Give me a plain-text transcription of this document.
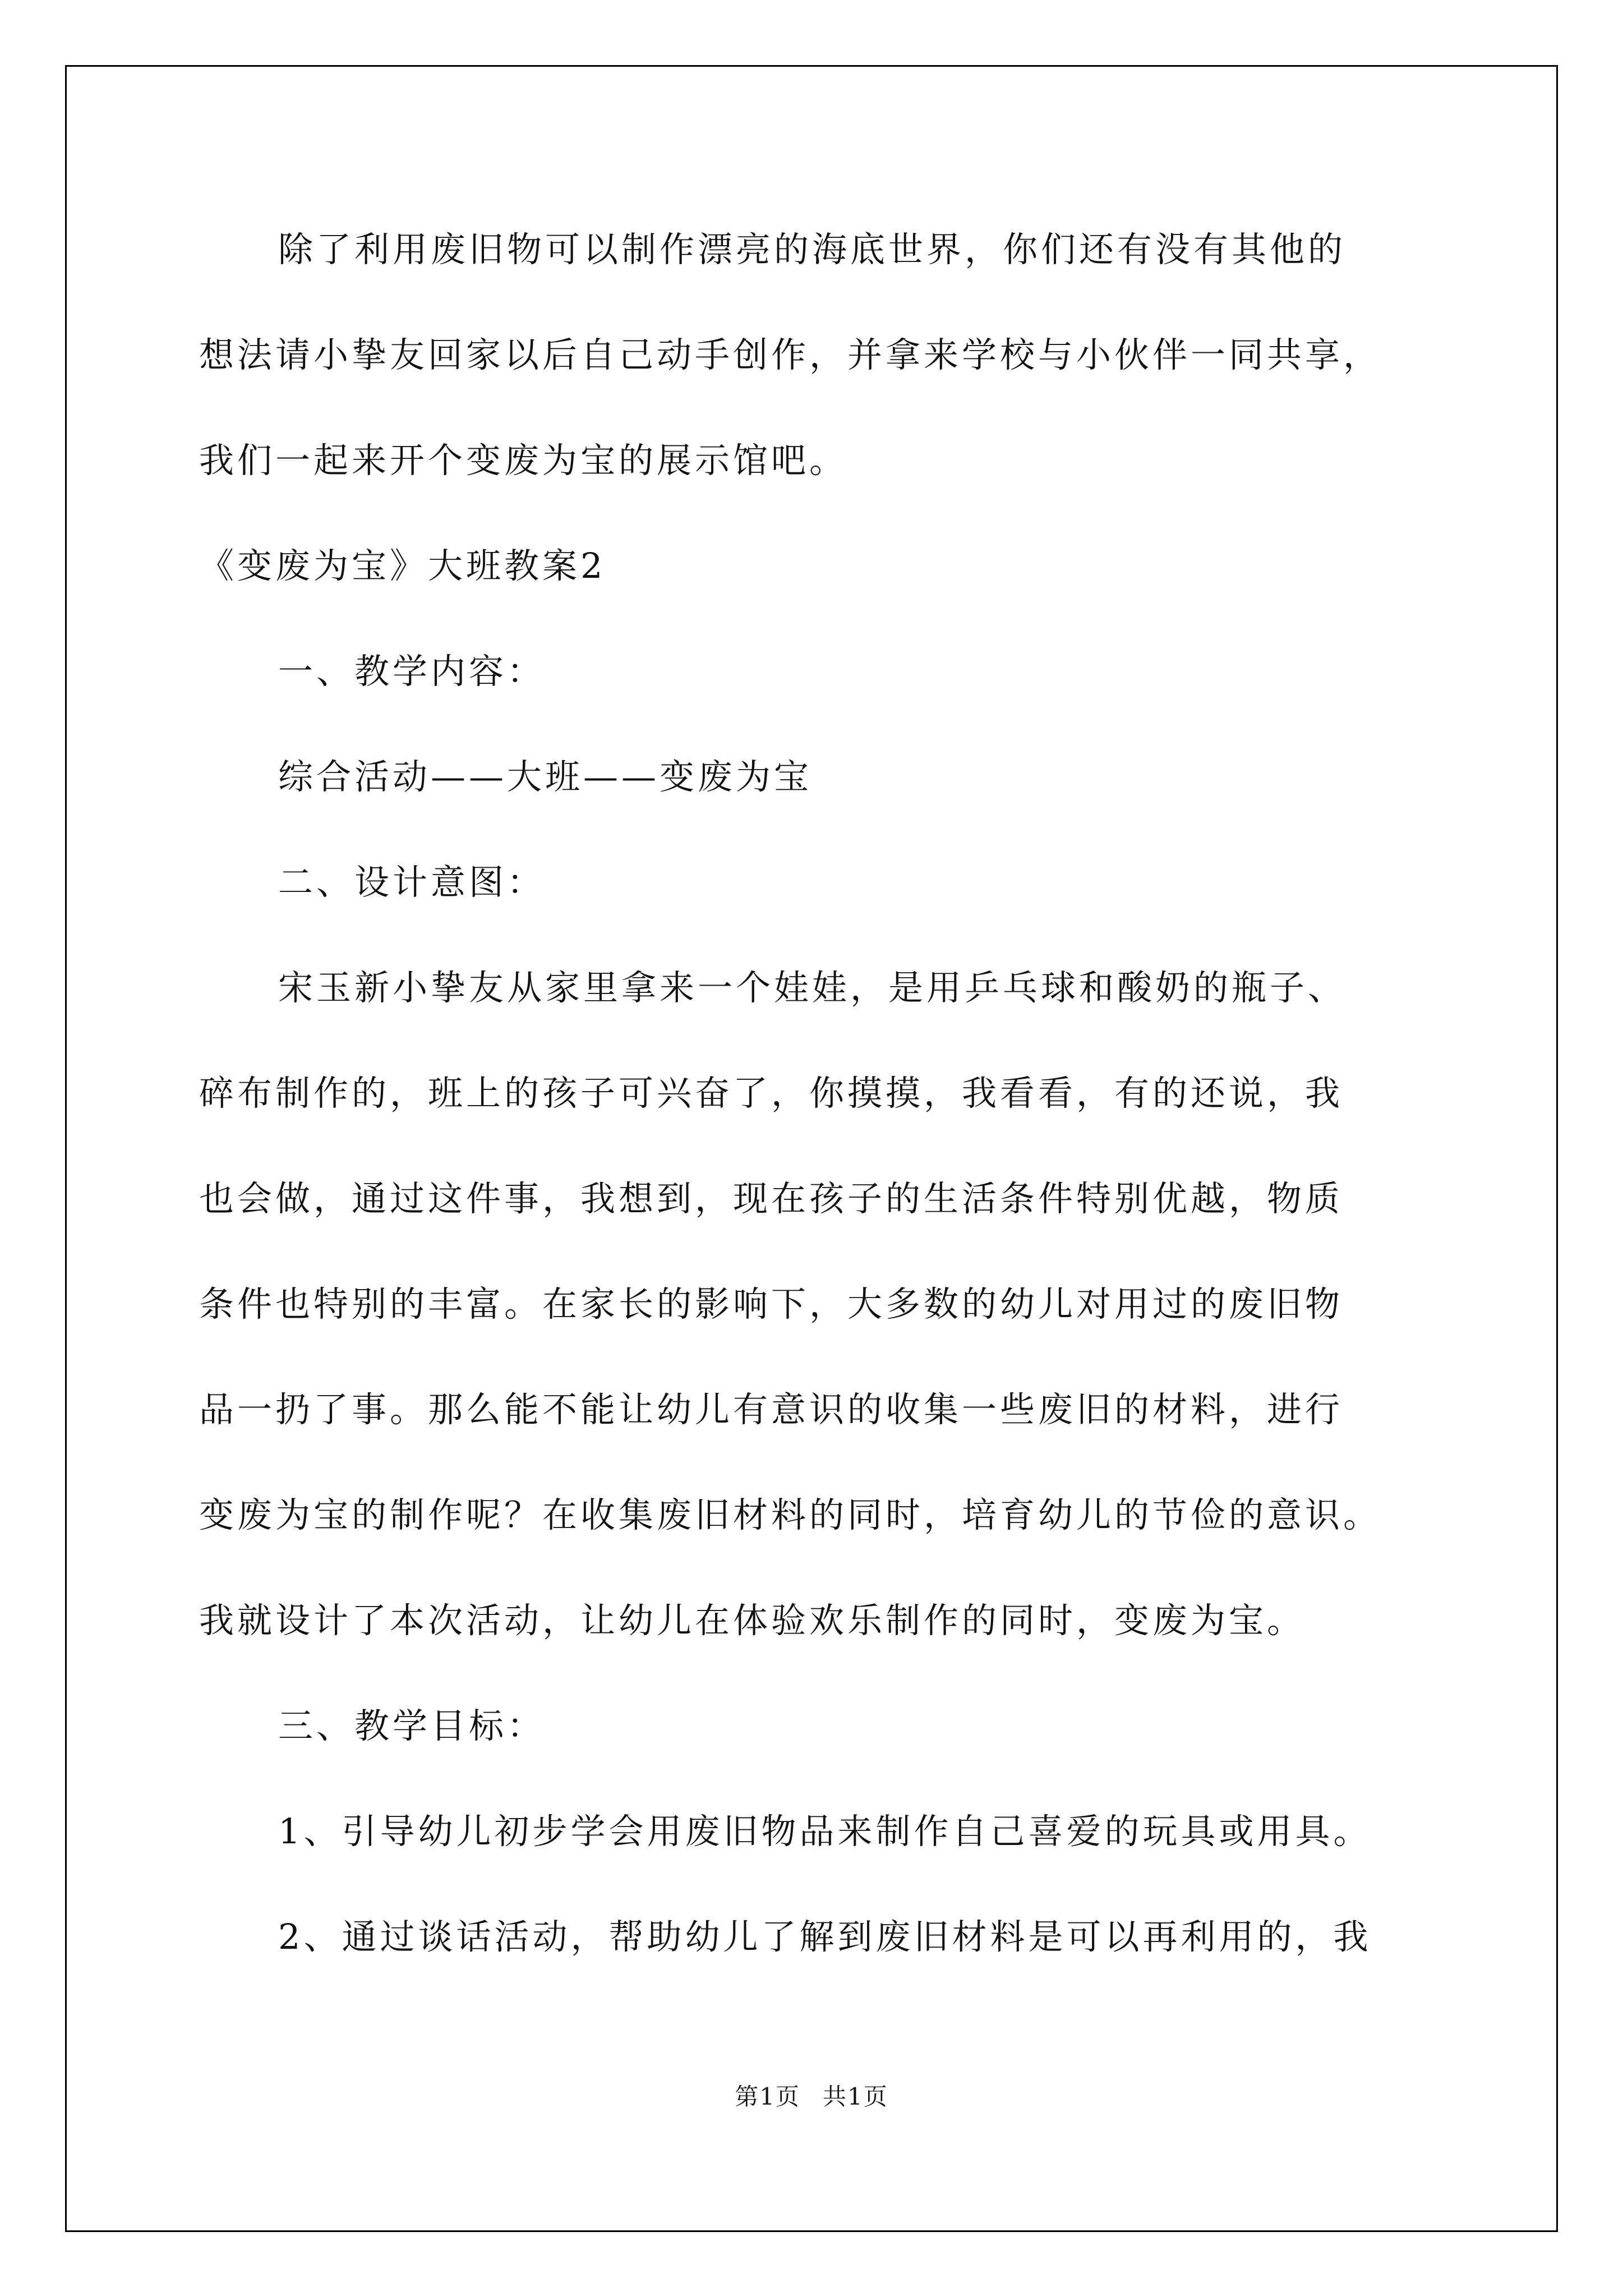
除了利用废旧物可以制作漂亮的海底世界，你们还有没有其他的
想法请小挚友回家以后自己动手创作，并拿来学校与小伙伴一同共享，
我们一起来开个变废为宝的展示馆吧。
《变废为宝》大班教案2
一、教学内容：
综合活动——大班——变废为宝
二、设计意图：
宋玉新小挚友从家里拿来一个娃娃，是用乒乓球和酸奶的瓶子、
碎布制作的，班上的孩子可兴奋了，你摸摸，我看看，有的还说，我
也会做，通过这件事，我想到，现在孩子的生活条件特别优越，物质
条件也特别的丰富。在家长的影响下，大多数的幼儿对用过的废旧物
品一扔了事。那么能不能让幼儿有意识的收集一些废旧的材料，进行
变废为宝的制作呢？在收集废旧材料的同时，培育幼儿的节俭的意识。
我就设计了本次活动，让幼儿在体验欢乐制作的同时，变废为宝。
三、教学目标：
1、引导幼儿初步学会用废旧物品来制作自己喜爱的玩具或用具。
2、通过谈话活动，帮助幼儿了解到废旧材料是可以再利用的，我
第1页 共1页
